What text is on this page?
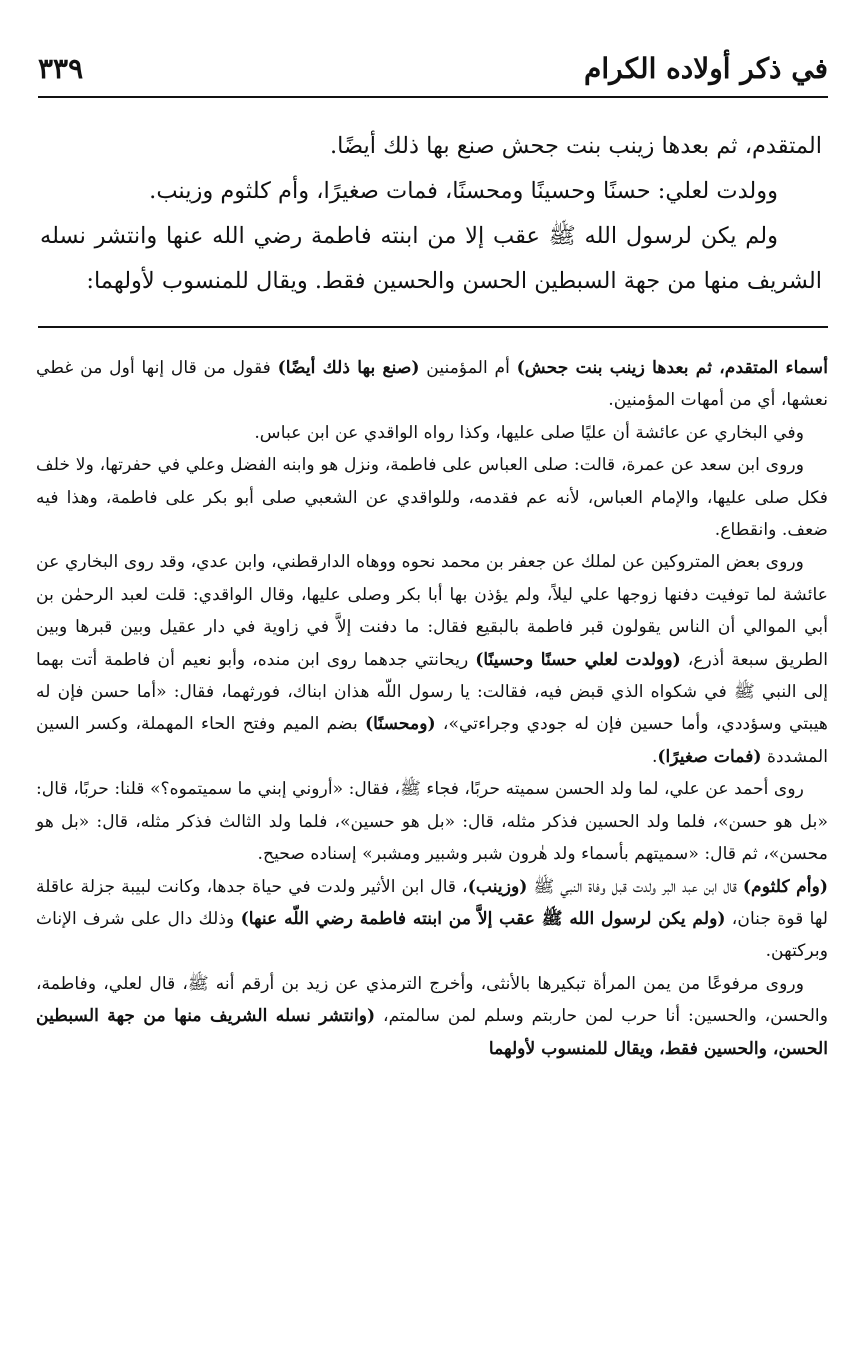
في ذكر أولاده الكرام
٣٣٩

المتقدم، ثم بعدها زينب بنت جحش صنع بها ذلك أيضًا.

وولدت لعلي: حسنًا وحسينًا ومحسنًا، فمات صغيرًا، وأم كلثوم وزينب.

ولم يكن لرسول الله ﷺ عقب إلا من ابنته فاطمة رضي الله عنها وانتشر نسله الشريف منها من جهة السبطين الحسن والحسين فقط. ويقال للمنسوب لأولهما:

أسماء المتقدم، ثم بعدها زينب بنت جحش) أم المؤمنين (صنع بها ذلك أيضًا) فقول من قال إنها أول من غطي نعشها، أي من أمهات المؤمنين.

وفي البخاري عن عائشة أن عليًا صلى عليها، وكذا رواه الواقدي عن ابن عباس.

وروى ابن سعد عن عمرة، قالت: صلى العباس على فاطمة، ونزل هو وابنه الفضل وعلي في حفرتها، ولا خلف فكل صلى عليها، والإمام العباس، لأنه عم فقدمه، وللواقدي عن الشعبي صلى أبو بكر على فاطمة، وهذا فيه ضعف. وانقطاع.

وروى بعض المتروكين عن لملك عن جعفر بن محمد نحوه ووهاه الدارقطني، وابن عدي، وقد روى البخاري عن عائشة لما توفيت دفنها زوجها علي ليلاً، ولم يؤذن بها أبا بكر وصلى عليها، وقال الواقدي: قلت لعبد الرحمٰن بن أبي الموالي أن الناس يقولون قبر فاطمة بالبقيع فقال: ما دفنت إلاَّ في زاوية في دار عقيل وبين قبرها وبين الطريق سبعة أذرع، (وولدت لعلي حسنًا وحسينًا) ريحانتي جدهما روى ابن منده، وأبو نعيم أن فاطمة أتت بهما إلى النبي ﷺ في شكواه الذي قبض فيه، فقالت: يا رسول اللّه هذان ابناك، فورثهما، فقال: «أما حسن فإن له هيبتي وسؤددي، وأما حسين فإن له جودي وجراءتي»، (ومحسنًا) بضم الميم وفتح الحاء المهملة، وكسر السين المشددة (فمات صغيرًا).

روى أحمد عن علي، لما ولد الحسن سميته حربًا، فجاء ﷺ، فقال: «أروني إبني ما سميتموه؟» قلنا: حربًا، قال: «بل هو حسن»، فلما ولد الحسين فذكر مثله، قال: «بل هو حسين»، فلما ولد الثالث فذكر مثله، قال: «بل هو محسن»، ثم قال: «سميتهم بأسماء ولد هٰرون شبر وشبير ومشبر» إسناده صحيح.

(وأم كلثوم) قال ابن عبد البر ولدت قبل وفاة النبي ﷺ (وزينب)، قال ابن الأثير ولدت في حياة جدها، وكانت لبيبة جزلة عاقلة لها قوة جنان، (ولم يكن لرسول الله ﷺ عقب إلاَّ من ابنته فاطمة رضي اللّه عنها) وذلك دال على شرف الإناث وبركتهن.

وروى مرفوعًا من يمن المرأة تبكيرها بالأنثى، وأخرج الترمذي عن زيد بن أرقم أنه ﷺ، قال لعلي، وفاطمة، والحسن، والحسين: أنا حرب لمن حاربتم وسلم لمن سالمتم، (وانتشر نسله الشريف منها من جهة السبطين الحسن، والحسين فقط، ويقال للمنسوب لأولهما
